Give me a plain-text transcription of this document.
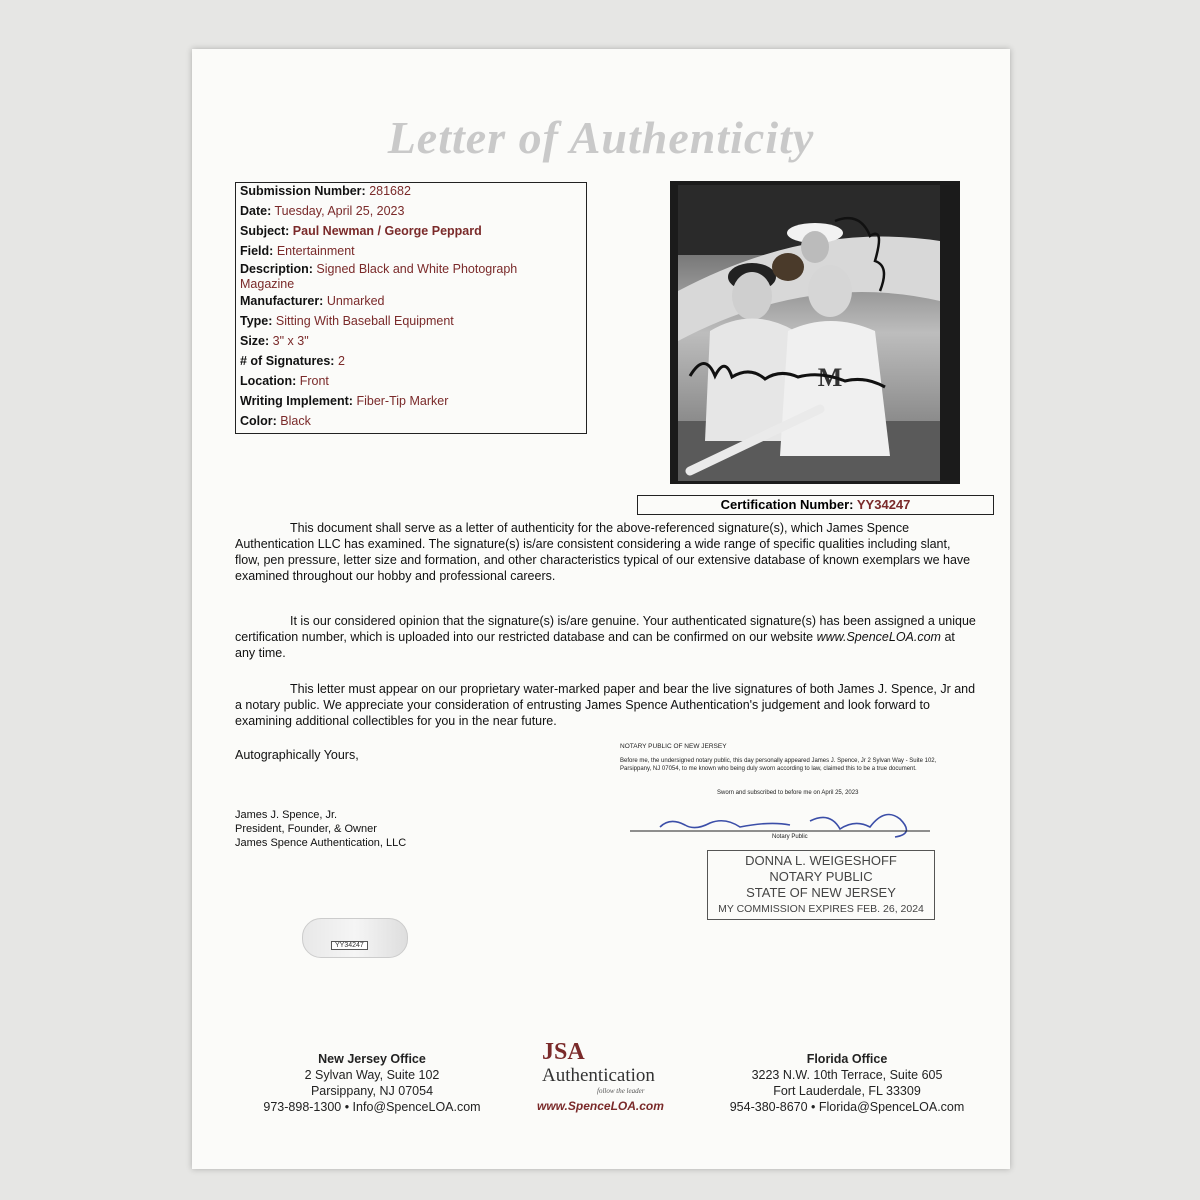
Letter of Authenticity
Submission Number: 281682
Date: Tuesday, April 25, 2023
Subject: Paul Newman / George Peppard
Field: Entertainment
Description: Signed Black and White Photograph
Magazine
Manufacturer: Unmarked
Type: Sitting With Baseball Equipment
Size: 3" x 3"
# of Signatures: 2
Location: Front
Writing Implement: Fiber-Tip Marker
Color: Black
M
Certification Number: YY34247
This document shall serve as a letter of authenticity for the above-referenced signature(s), which James Spence Authentication LLC has examined. The signature(s) is/are consistent considering a wide range of specific qualities including slant, flow, pen pressure, letter size and formation, and other characteristics typical of our extensive database of known exemplars we have examined throughout our hobby and professional careers.
It is our considered opinion that the signature(s) is/are genuine. Your authenticated signature(s) has been assigned a unique certification number, which is uploaded into our restricted database and can be confirmed on our website www.SpenceLOA.com at any time.
This letter must appear on our proprietary water-marked paper and bear the live signatures of both James J. Spence, Jr and a notary public. We appreciate your consideration of entrusting James Spence Authentication's judgement and look forward to examining additional collectibles for you in the near future.
Autographically Yours,
James J. Spence, Jr.
President, Founder, & Owner
James Spence Authentication, LLC
NOTARY PUBLIC OF NEW JERSEY
Before me, the undersigned notary public, this day personally appeared James J. Spence, Jr 2 Sylvan Way - Suite 102, Parsippany, NJ 07054, to me known who being duly sworn according to law, claimed this to be a true document.
Sworn and subscribed to before me on April 25, 2023
Notary Public
DONNA L. WEIGESHOFF
NOTARY PUBLIC
STATE OF NEW JERSEY
MY COMMISSION EXPIRES FEB. 26, 2024
YY34247
New Jersey Office
2 Sylvan Way, Suite 102
Parsippany, NJ 07054
973-898-1300 • Info@SpenceLOA.com
JSA
Authentication
follow the leader
www.SpenceLOA.com
Florida Office
3223 N.W. 10th Terrace, Suite 605
Fort Lauderdale, FL 33309
954-380-8670 • Florida@SpenceLOA.com
